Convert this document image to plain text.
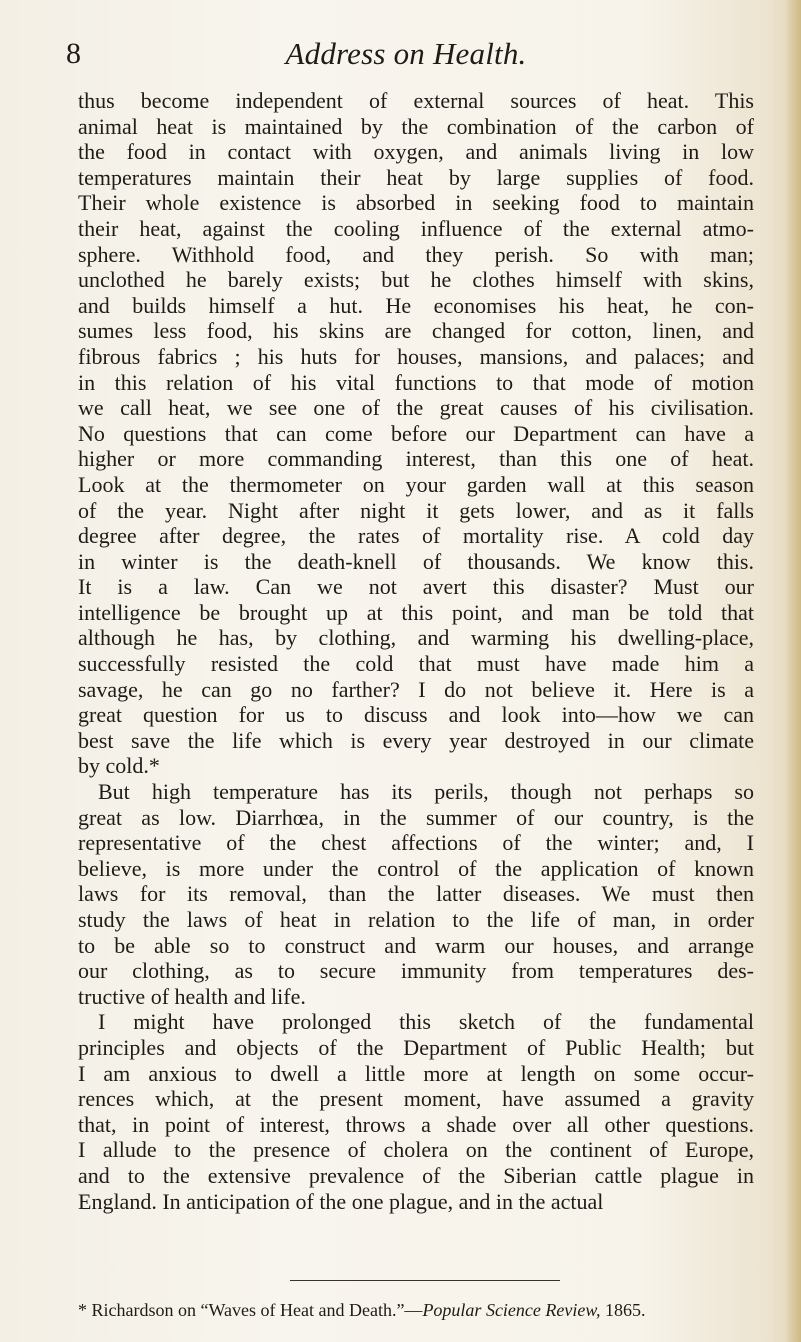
8	Address on Health.
thus become independent of external sources of heat. This
animal heat is maintained by the combination of the carbon of
the food in contact with oxygen, and animals living in low
temperatures maintain their heat by large supplies of food.
Their whole existence is absorbed in seeking food to maintain
their heat, against the cooling influence of the external atmo-
sphere. Withhold food, and they perish. So with man;
unclothed he barely exists; but he clothes himself with skins,
and builds himself a hut. He economises his heat, he con-
sumes less food, his skins are changed for cotton, linen, and
fibrous fabrics ; his huts for houses, mansions, and palaces; and
in this relation of his vital functions to that mode of motion
we call heat, we see one of the great causes of his civilisation.
No questions that can come before our Department can have a
higher or more commanding interest, than this one of heat.
Look at the thermometer on your garden wall at this season
of the year. Night after night it gets lower, and as it falls
degree after degree, the rates of mortality rise. A cold day
in winter is the death-knell of thousands. We know this.
It is a law. Can we not avert this disaster? Must our
intelligence be brought up at this point, and man be told that
although he has, by clothing, and warming his dwelling-place,
successfully resisted the cold that must have made him a
savage, he can go no farther? I do not believe it. Here is a
great question for us to discuss and look into—how we can
best save the life which is every year destroyed in our climate
by cold.*
But high temperature has its perils, though not perhaps so
great as low. Diarrhœa, in the summer of our country, is the
representative of the chest affections of the winter; and, I
believe, is more under the control of the application of known
laws for its removal, than the latter diseases. We must then
study the laws of heat in relation to the life of man, in order
to be able so to construct and warm our houses, and arrange
our clothing, as to secure immunity from temperatures des-
tructive of health and life.
I might have prolonged this sketch of the fundamental
principles and objects of the Department of Public Health; but
I am anxious to dwell a little more at length on some occur-
rences which, at the present moment, have assumed a gravity
that, in point of interest, throws a shade over all other questions.
I allude to the presence of cholera on the continent of Europe,
and to the extensive prevalence of the Siberian cattle plague in
England. In anticipation of the one plague, and in the actual
* Richardson on “Waves of Heat and Death.”—Popular Science Review, 1865.
